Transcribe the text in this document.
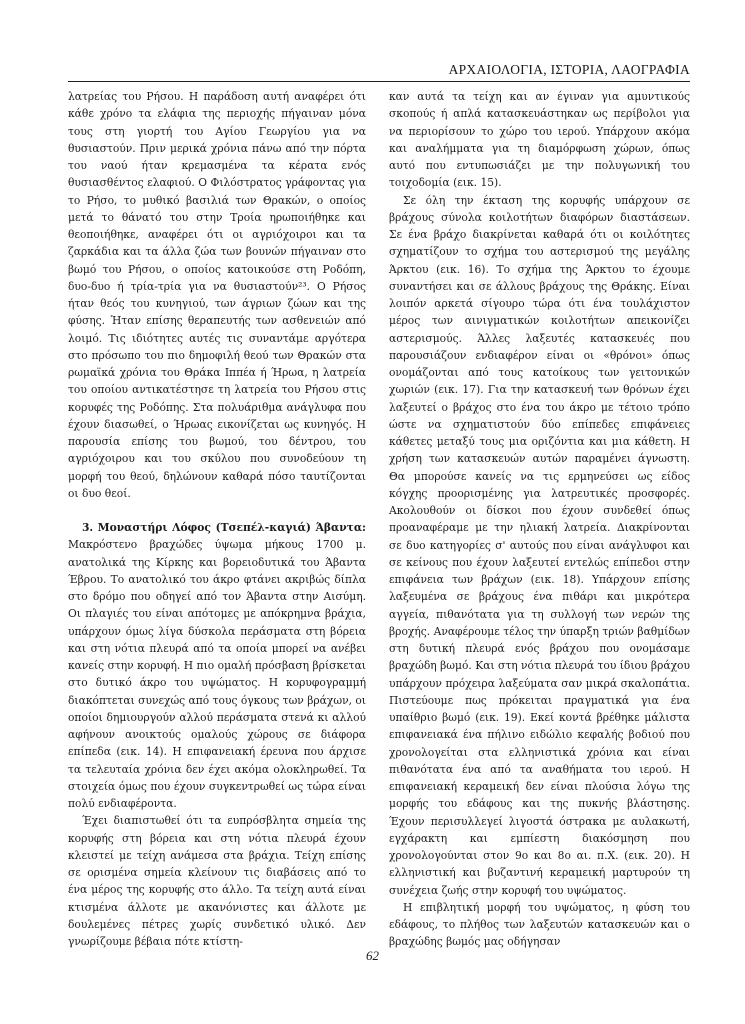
ΑΡΧΑΙΟΛΟΓΙΑ, ΙΣΤΟΡΙΑ, ΛΑΟΓΡΑΦΙΑ

λατρείας του Ρήσου. Η παράδοση αυτή αναφέρει ότι κάθε χρόνο τα ελάφια της περιοχής πήγαιναν μόνα τους στη γιορτή του Αγίου Γεωργίου για να θυσιαστούν. Πριν μερικά χρόνια πάνω από την πόρτα του ναού ήταν κρεμασμένα τα κέρατα ενός θυσιασθέντος ελαφιού. Ο Φιλόστρατος γράφοντας για το Ρήσο, το μυθικό βασιλιά των Θρακών, ο οποίος μετά το θάνατό του στην Τροία ηρωποιήθηκε και θεοποιήθηκε, αναφέρει ότι οι αγριόχοιροι και τα ζαρκάδια και τα άλλα ζώα των βουνών πήγαιναν στο βωμό του Ρήσου, ο οποίος κατοικούσε στη Ροδόπη, δυο-δυο ή τρία-τρία για να θυσιαστούν²³. Ο Ρήσος ήταν θεός του κυνηγιού, των άγριων ζώων και της φύσης. Ήταν επίσης θεραπευτής των ασθενειών από λοιμό. Τις ιδιότητες αυτές τις συναντάμε αργότερα στο πρόσωπο του πιο δημοφιλή θεού των Θρακών στα ρωμαϊκά χρόνια του Θράκα Ιππέα ή Ήρωα, η λατρεία του οποίου αντικατέστησε τη λατρεία του Ρήσου στις κορυφές της Ροδόπης. Στα πολυάριθμα ανάγλυφα που έχουν διασωθεί, ο Ήρωας εικονίζεται ως κυνηγός. Η παρουσία επίσης του βωμού, του δέντρου, του αγριόχοιρου και του σκύλου που συνοδεύουν τη μορφή του θεού, δηλώνουν καθαρά πόσο ταυτίζονται οι δυο θεοί.

3. Μοναστήρι Λόφος (Τσεπέλ-καγιά) Άβαντα: Μακρόστενο βραχώδες ύψωμα μήκους 1700 μ. ανατολικά της Κίρκης και βορειοδυτικά του Άβαντα Έβρου. Το ανατολικό του άκρο φτάνει ακριβώς δίπλα στο δρόμο που οδηγεί από τον Άβαντα στην Αισύμη. Οι πλαγιές του είναι απότομες με απόκρημνα βράχια, υπάρχουν όμως λίγα δύσκολα περάσματα στη βόρεια και στη νότια πλευρά από τα οποία μπορεί να ανέβει κανείς στην κορυφή. Η πιο ομαλή πρόσβαση βρίσκεται στο δυτικό άκρο του υψώματος. Η κορυφογραμμή διακόπτεται συνεχώς από τους όγκους των βράχων, οι οποίοι δημιουργούν αλλού περάσματα στενά κι αλλού αφήνουν ανοικτούς ομαλούς χώρους σε διάφορα επίπεδα (εικ. 14). Η επιφανειακή έρευνα που άρχισε τα τελευταία χρόνια δεν έχει ακόμα ολοκληρωθεί. Τα στοιχεία όμως που έχουν συγκεντρωθεί ως τώρα είναι πολύ ενδιαφέροντα.

Έχει διαπιστωθεί ότι τα ευπρόσβλητα σημεία της κορυφής στη βόρεια και στη νότια πλευρά έχουν κλειστεί με τείχη ανάμεσα στα βράχια. Τείχη επίσης σε ορισμένα σημεία κλείνουν τις διαβάσεις από το ένα μέρος της κορυφής στο άλλο. Τα τείχη αυτά είναι κτισμένα άλλοτε με ακανόνιστες και άλλοτε με δουλεμένες πέτρες χωρίς συνδετικό υλικό. Δεν γνωρίζουμε βέβαια πότε κτίστη-

καν αυτά τα τείχη και αν έγιναν για αμυντικούς σκοπούς ή απλά κατασκευάστηκαν ως περίβολοι για να περιορίσουν το χώρο του ιερού. Υπάρχουν ακόμα και αναλήμματα για τη διαμόρφωση χώρων, όπως αυτό που εντυπωσιάζει με την πολυγωνική του τοιχοδομία (εικ. 15).

Σε όλη την έκταση της κορυφής υπάρχουν σε βράχους σύνολα κοιλοτήτων διαφόρων διαστάσεων. Σε ένα βράχο διακρίνεται καθαρά ότι οι κοιλότητες σχηματίζουν το σχήμα του αστερισμού της μεγάλης Άρκτου (εικ. 16). Το σχήμα της Άρκτου το έχουμε συναντήσει και σε άλλους βράχους της Θράκης. Είναι λοιπόν αρκετά σίγουρο τώρα ότι ένα τουλάχιστον μέρος των αινιγματικών κοιλοτήτων απεικονίζει αστερισμούς. Άλλες λαξευτές κατασκευές που παρουσιάζουν ενδιαφέρον είναι οι «θρόνοι» όπως ονομάζονται από τους κατοίκους των γειτονικών χωριών (εικ. 17). Για την κατασκευή των θρόνων έχει λαξευτεί ο βράχος στο ένα του άκρο με τέτοιο τρόπο ώστε να σχηματιστούν δύο επίπεδες επιφάνειες κάθετες μεταξύ τους μια οριζόντια και μια κάθετη. Η χρήση των κατασκευών αυτών παραμένει άγνωστη. Θα μπορούσε κανείς να τις ερμηνεύσει ως είδος κόγχης προορισμένης για λατρευτικές προσφορές. Ακολουθούν οι δίσκοι που έχουν συνδεθεί όπως προαναφέραμε με την ηλιακή λατρεία. Διακρίνονται σε δυο κατηγορίες σ' αυτούς που είναι ανάγλυφοι και σε κείνους που έχουν λαξευτεί εντελώς επίπεδοι στην επιφάνεια των βράχων (εικ. 18). Υπάρχουν επίσης λαξευμένα σε βράχους ένα πιθάρι και μικρότερα αγγεία, πιθανότατα για τη συλλογή των νερών της βροχής. Αναφέρουμε τέλος την ύπαρξη τριών βαθμίδων στη δυτική πλευρά ενός βράχου που ονομάσαμε βραχώδη βωμό. Και στη νότια πλευρά του ίδιου βράχου υπάρχουν πρόχειρα λαξεύματα σαν μικρά σκαλοπάτια. Πιστεύουμε πως πρόκειται πραγματικά για ένα υπαίθριο βωμό (εικ. 19). Εκεί κοντά βρέθηκε μάλιστα επιφανειακά ένα πήλινο ειδώλιο κεφαλής βοδιού που χρονολογείται στα ελληνιστικά χρόνια και είναι πιθανότατα ένα από τα αναθήματα του ιερού. Η επιφανειακή κεραμεική δεν είναι πλούσια λόγω της μορφής του εδάφους και της πυκνής βλάστησης. Έχουν περισυλλεγεί λιγοστά όστρακα με αυλακωτή, εγχάρακτη και εμπίεστη διακόσμηση που χρονολογούνται στον 9ο και 8ο αι. π.Χ. (εικ. 20). Η ελληνιστική και βυζαντινή κεραμεική μαρτυρούν τη συνέχεια ζωής στην κορυφή του υψώματος.

Η επιβλητική μορφή του υψώματος, η φύση του εδάφους, το πλήθος των λαξευτών κατασκευών και ο βραχώδης βωμός μας οδήγησαν

62
